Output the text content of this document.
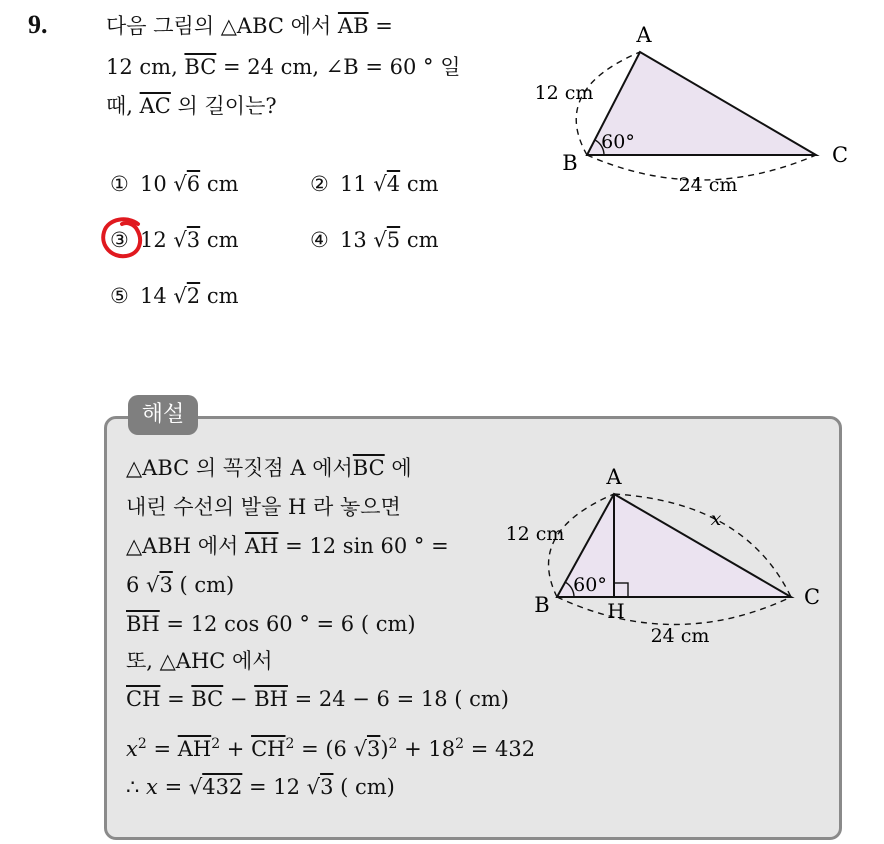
9.	다음 그림의 △ABC 에서 $\overline{AB}$ =
12 cm, $\overline{BC} = 24$ cm, ∠B = 60 ° 일
때, $\overline{AC}$ 의 길이는?
A
B	C
12 cm
24 cm
60°
① 10 √6 cm	② 11 √4 cm
③ 12 √3 cm	④ 13 √5 cm
⑤ 14 √2 cm
해설
△ABC 의 꼭짓점 A 에서$\overline{BC}$ 에
내린 수선의 발을 H 라 놓으면
△ABH 에서 $\overline{AH} = 12$ sin 60 ° =
6 √3 ( cm)
$\overline{BH} = 12$ cos 60 ° = 6 ( cm)
또, △AHC 에서
$\overline{CH} = \overline{BC} - \overline{BH} = 24 - 6 = 18$ ( cm)
$x^2 = \overline{AH}^2 + \overline{CH}^2 = (6$ $√3)^2 + 18^2 = 432$
∴ x = √432 = 12 √3 ( cm)
A
B	C
H
12 cm
24 cm
x
60°
